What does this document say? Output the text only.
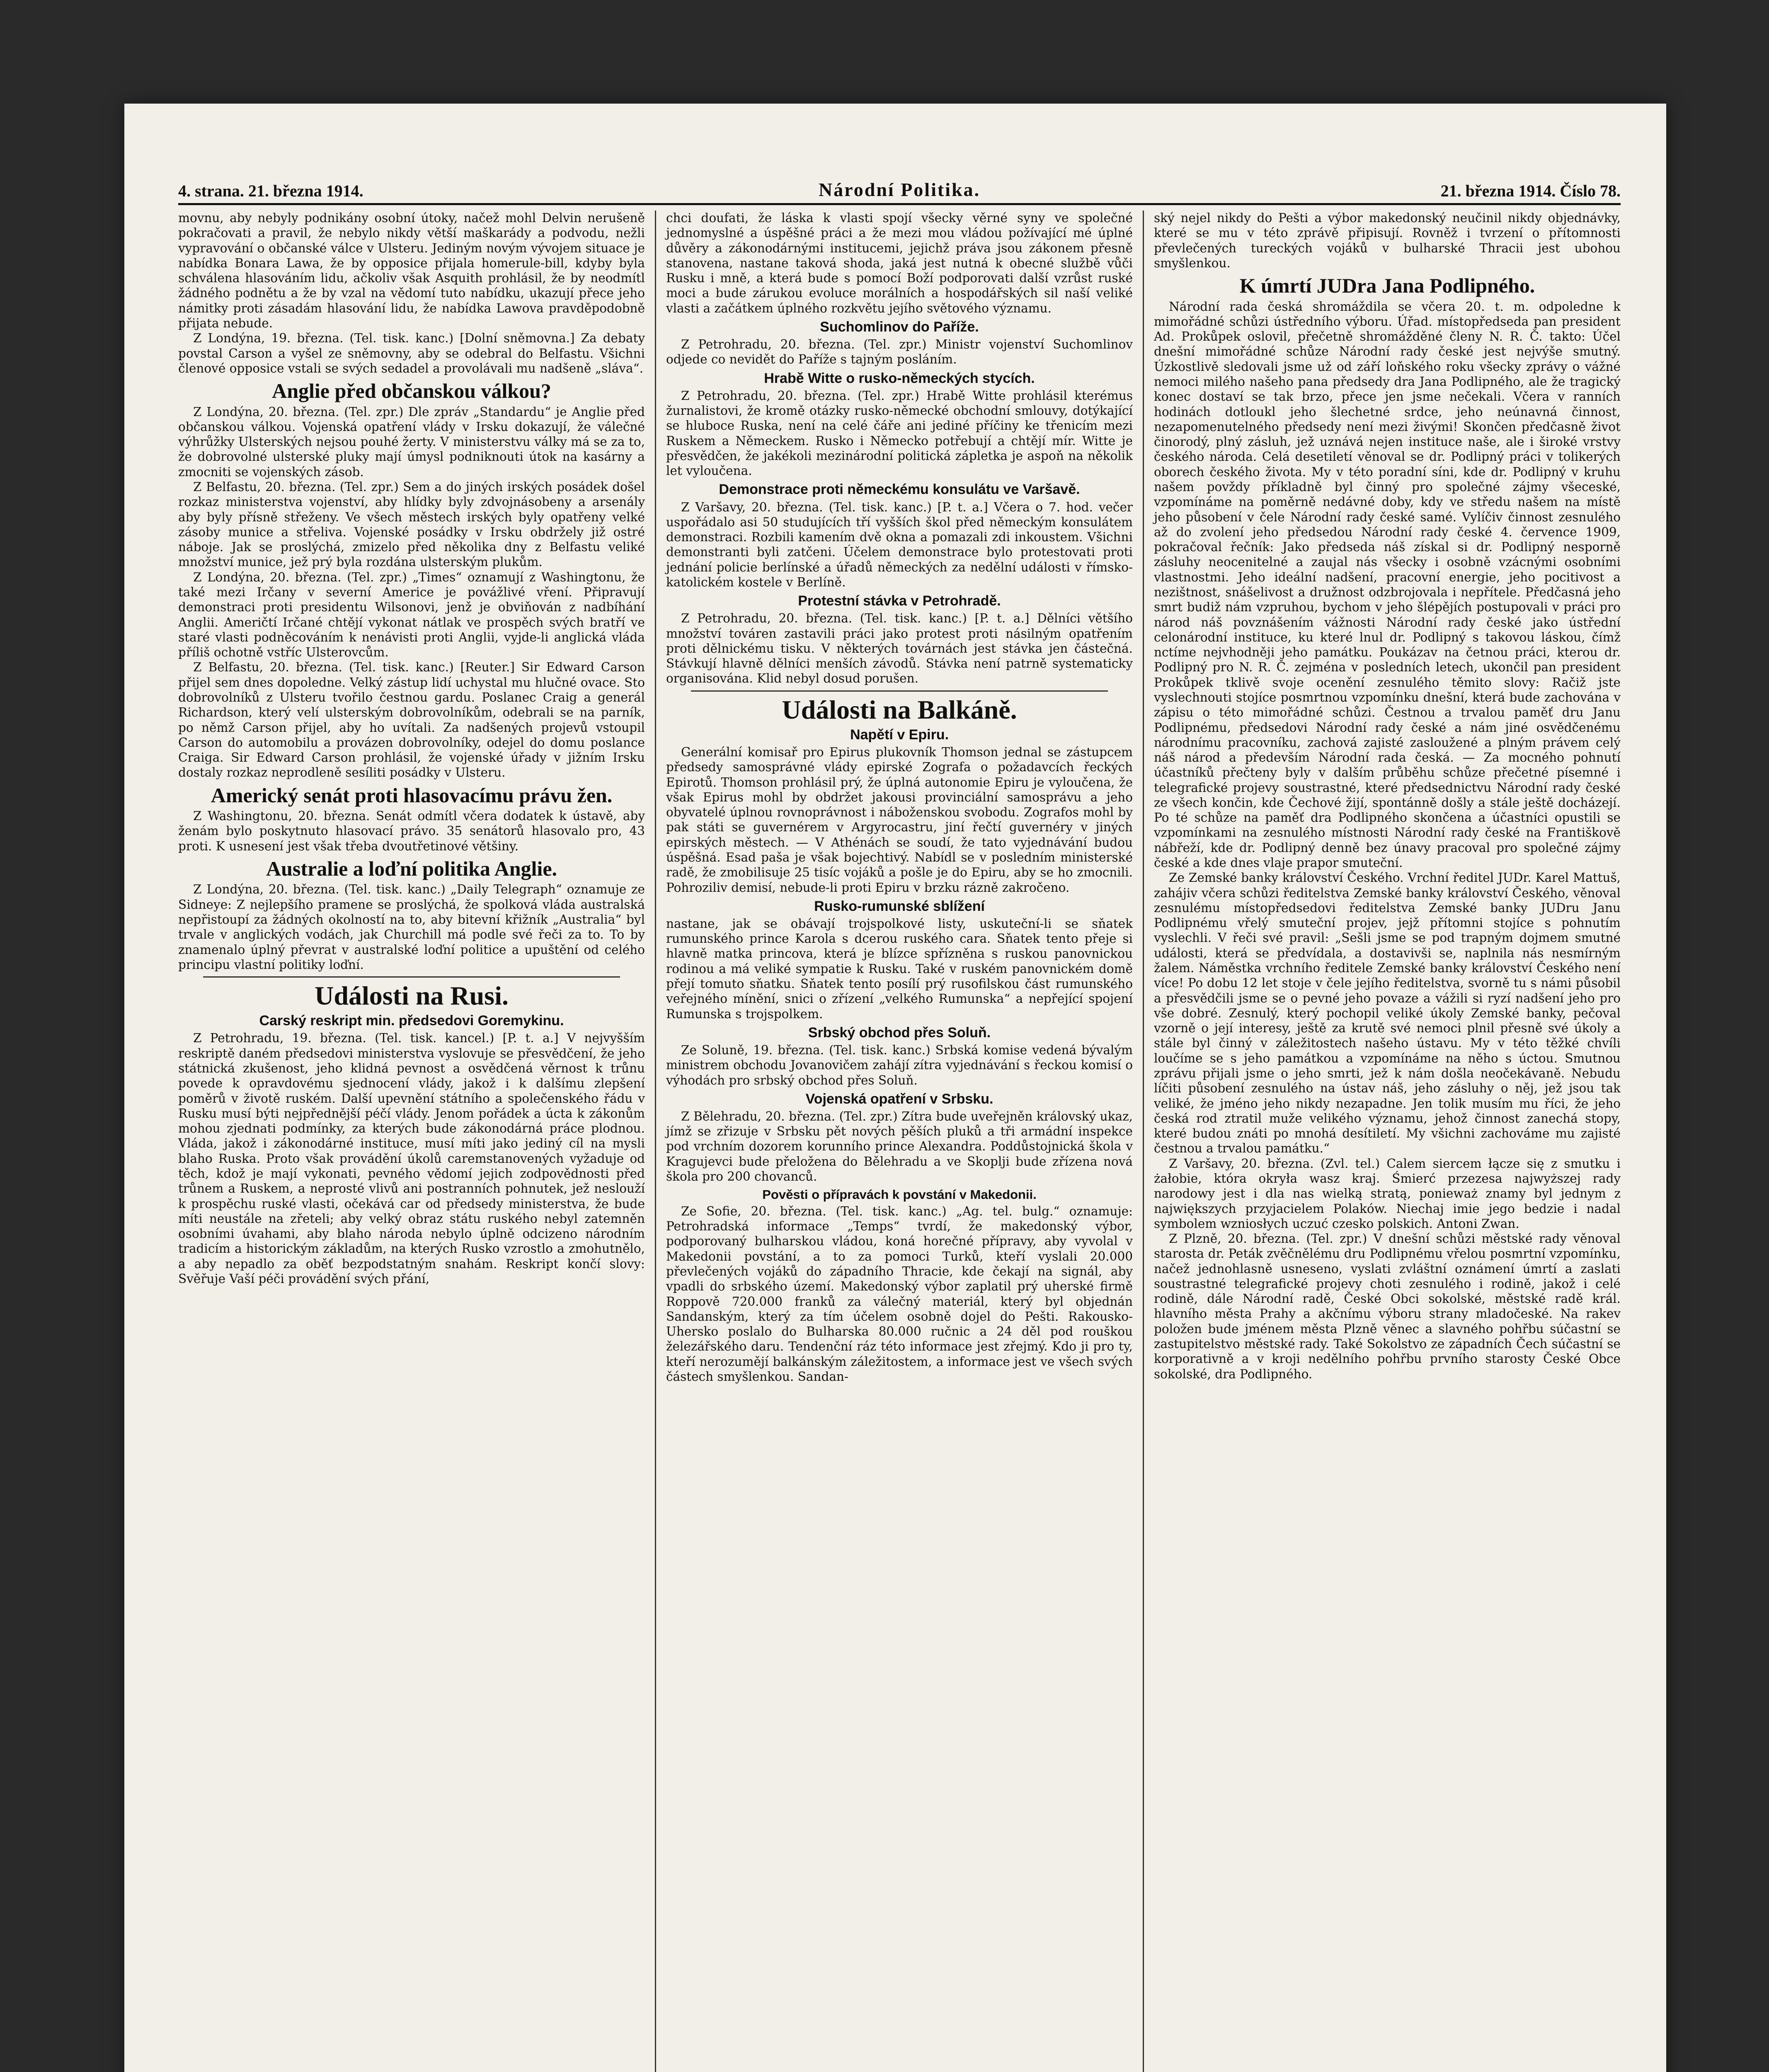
4. strana. 21. března 1914.	Národní Politika.	21. března 1914. Číslo 78.

movnu, aby nebyly podnikány osobní útoky, načež mohl Delvin nerušeně pokračovati a pravil, že nebylo nikdy větší maškarády a podvodu, nežli vypravování o občanské válce v Ulsteru. Jediným novým vývojem situace je nabídka Bonara Lawa, že by opposice přijala homerule-bill, kdyby byla schválena hlasováním lidu, ačkoliv však Asquith prohlásil, že by neodmítl žádného podnětu a že by vzal na vědomí tuto nabídku, ukazují přece jeho námitky proti zásadám hlasování lidu, že nabídka Lawova pravděpodobně přijata nebude.

Z Londýna, 19. března. (Tel. tisk. kanc.) [Dolní sněmovna.] Za debaty povstal Carson a vyšel ze sněmovny, aby se odebral do Belfastu. Všichni členové opposice vstali se svých sedadel a provolávali mu nadšeně „sláva“.

Anglie před občanskou válkou?

Z Londýna, 20. března. (Tel. zpr.) Dle zpráv „Standardu“ je Anglie před občanskou válkou. Vojenská opatření vlády v Irsku dokazují, že válečné výhrůžky Ulsterských nejsou pouhé žerty. V ministerstvu války má se za to, že dobrovolné ulsterské pluky mají úmysl podniknouti útok na kasárny a zmocniti se vojenských zásob.

Z Belfastu, 20. března. (Tel. zpr.) Sem a do jiných irských posádek došel rozkaz ministerstva vojenství, aby hlídky byly zdvojnásobeny a arsenály aby byly přísně střeženy. Ve všech městech irských byly opatřeny velké zásoby munice a střeliva. Vojenské posádky v Irsku obdržely již ostré náboje. Jak se proslýchá, zmizelo před několika dny z Belfastu veliké množství munice, jež prý byla rozdána ulsterským plukům.

Z Londýna, 20. března. (Tel. zpr.) „Times“ oznamují z Washingtonu, že také mezi Irčany v severní Americe je povážlivé vření. Připravují demonstraci proti presidentu Wilsonovi, jenž je obviňován z nadbíhání Anglii. Američtí Irčané chtějí vykonat nátlak ve prospěch svých bratří ve staré vlasti podněcováním k nenávisti proti Anglii, vyjde-li anglická vláda příliš ochotně vstříc Ulsterovcům.

Z Belfastu, 20. března. (Tel. tisk. kanc.) [Reuter.] Sir Edward Carson přijel sem dnes dopoledne. Velký zástup lidí uchystal mu hlučné ovace. Sto dobrovolníků z Ulsteru tvořilo čestnou gardu. Poslanec Craig a generál Richardson, který velí ulsterským dobrovolníkům, odebrali se na parník, po němž Carson přijel, aby ho uvítali. Za nadšených projevů vstoupil Carson do automobilu a provázen dobrovolníky, odejel do domu poslance Craiga. Sir Edward Carson prohlásil, že vojenské úřady v jižním Irsku dostaly rozkaz neprodleně sesíliti posádky v Ulsteru.

Americký senát proti hlasovacímu právu žen.

Z Washingtonu, 20. března. Senát odmítl včera dodatek k ústavě, aby ženám bylo poskytnuto hlasovací právo. 35 senátorů hlasovalo pro, 43 proti. K usnesení jest však třeba dvoutřetinové většiny.

Australie a loďní politika Anglie.

Z Londýna, 20. března. (Tel. tisk. kanc.) „Daily Telegraph“ oznamuje ze Sidneye: Z nejlepšího pramene se proslýchá, že spolková vláda australská nepřistoupí za žádných okolností na to, aby bitevní křižník „Australia“ byl trvale v anglických vodách, jak Churchill má podle své řeči za to. To by znamenalo úplný převrat v australské loďní politice a upuštění od celého principu vlastní politiky loďní.

Události na Rusi.
Carský reskript min. předsedovi Goremykinu.

Z Petrohradu, 19. března. (Tel. tisk. kancel.) [P. t. a.] V nejvyšším reskriptě daném předsedovi ministerstva vyslovuje se přesvědčení, že jeho státnická zkušenost, jeho klidná pevnost a osvědčená věrnost k trůnu povede k opravdovému sjednocení vlády, jakož i k dalšímu zlepšení poměrů v životě ruském. Další upevnění státního a společenského řádu v Rusku musí býti nejpřednější péčí vlády. Jenom pořádek a úcta k zákonům mohou zjednati podmínky, za kterých bude zákonodárná práce plodnou. Vláda, jakož i zákonodárné instituce, musí míti jako jediný cíl na mysli blaho Ruska. Proto však provádění úkolů caremstanovených vyžaduje od těch, kdož je mají vykonati, pevného vědomí jejich zodpovědnosti před trůnem a Ruskem, a neprosté vlivů ani postranních pohnutek, jež neslouží k prospěchu ruské vlasti, očekává car od předsedy ministerstva, že bude míti neustále na zřeteli; aby velký obraz státu ruského nebyl zatemněn osobními úvahami, aby blaho národa nebylo úplně odcizeno národním tradicím a historickým základům, na kterých Rusko vzrostlo a zmohutnělo, a aby nepadlo za oběť bezpodstatným snahám. Reskript končí slovy: Svěřuje Vaší péči provádění svých přání,

chci doufati, že láska k vlasti spojí všecky věrné syny ve společné jednomyslné a úspěšné práci a že mezi mou vládou požívající mé úplné důvěry a zákonodárnými institucemi, jejichž práva jsou zákonem přesně stanovena, nastane taková shoda, jaká jest nutná k obecné službě vůči Rusku i mně, a která bude s pomocí Boží podporovati další vzrůst ruské moci a bude zárukou evoluce morálních a hospodářských sil naší veliké vlasti a začátkem úplného rozkvětu jejího světového významu.

Suchomlinov do Paříže.

Z Petrohradu, 20. března. (Tel. zpr.) Ministr vojenství Suchomlinov odjede co nevidět do Paříže s tajným posláním.

Hrabě Witte o rusko-německých stycích.

Z Petrohradu, 20. března. (Tel. zpr.) Hrabě Witte prohlásil kterémus žurnalistovi, že kromě otázky rusko-německé obchodní smlouvy, dotýkající se hluboce Ruska, není na celé čáře ani jediné příčiny ke třenicím mezi Ruskem a Německem. Rusko i Německo potřebují a chtějí mír. Witte je přesvědčen, že jakékoli mezinárodní politická zápletka je aspoň na několik let vyloučena.

Demonstrace proti německému konsulátu ve Varšavě.

Z Varšavy, 20. března. (Tel. tisk. kanc.) [P. t. a.] Včera o 7. hod. večer uspořádalo asi 50 studujících tří vyšších škol před německým konsulátem demonstraci. Rozbili kamením dvě okna a pomazali zdi inkoustem. Všichni demonstranti byli zatčeni. Účelem demonstrace bylo protestovati proti jednání policie berlínské a úřadů německých za nedělní události v římsko-katolickém kostele v Berlíně.

Protestní stávka v Petrohradě.

Z Petrohradu, 20. března. (Tel. tisk. kanc.) [P. t. a.] Dělníci většího množství továren zastavili práci jako protest proti násilným opatřením proti dělnickému tisku. V některých továrnách jest stávka jen částečná. Stávkují hlavně dělníci menších závodů. Stávka není patrně systematicky organisována. Klid nebyl dosud porušen.

Události na Balkáně.
Napětí v Epiru.

Generální komisař pro Epirus plukovník Thomson jednal se zástupcem předsedy samosprávné vlády epirské Zografa o požadavcích řeckých Epirotů. Thomson prohlásil prý, že úplná autonomie Epiru je vyloučena, že však Epirus mohl by obdržet jakousi provinciální samosprávu a jeho obyvatelé úplnou rovnoprávnost i náboženskou svobodu. Zografos mohl by pak státi se guvernérem v Argyrocastru, jiní řečtí guvernéry v jiných epirských městech. — V Athénách se soudí, že tato vyjednávání budou úspěšná. Esad paša je však bojechtivý. Nabídl se v posledním ministerské radě, že zmobilisuje 25 tisíc vojáků a pošle je do Epiru, aby se ho zmocnili. Pohroziliv demisí, nebude-li proti Epiru v brzku rázně zakročeno.

Rusko-rumunské sblížení

nastane, jak se obávají trojspolkové listy, uskuteční-li se sňatek rumunského prince Karola s dcerou ruského cara. Sňatek tento přeje si hlavně matka princova, která je blízce spřízněna s ruskou panovnickou rodinou a má veliké sympatie k Rusku. Také v ruském panovnickém domě přejí tomuto sňatku. Sňatek tento posílí prý rusofilskou část rumunského veřejného mínění, snici o zřízení „velkého Rumunska“ a nepřející spojení Rumunska s trojspolkem.

Srbský obchod přes Soluň.

Ze Soluně, 19. března. (Tel. tisk. kanc.) Srbská komise vedená bývalým ministrem obchodu Jovanovičem zahájí zítra vyjednávání s řeckou komisí o výhodách pro srbský obchod přes Soluň.

Vojenská opatření v Srbsku.

Z Bělehradu, 20. března. (Tel. zpr.) Zítra bude uveřejněn královský ukaz, jímž se zřizuje v Srbsku pět nových pěších pluků a tři armádní inspekce pod vrchním dozorem korunního prince Alexandra. Poddůstojnická škola v Kragujevci bude přeložena do Bělehradu a ve Skoplji bude zřízena nová škola pro 200 chovanců.

Pověsti o přípravách k povstání v Makedonii.

Ze Sofie, 20. března. (Tel. tisk. kanc.) „Ag. tel. bulg.“ oznamuje: Petrohradská informace „Temps“ tvrdí, že makedonský výbor, podporovaný bulharskou vládou, koná horečné přípravy, aby vyvolal v Makedonii povstání, a to za pomoci Turků, kteří vyslali 20.000 převlečených vojáků do západního Thracie, kde čekají na signál, aby vpadli do srbského území. Makedonský výbor zaplatil prý uherské firmě Roppově 720.000 franků za válečný materiál, který byl objednán Sandanským, který za tím účelem osobně dojel do Pešti. Rakousko-Uhersko poslalo do Bulharska 80.000 ručnic a 24 děl pod rouškou železářského daru. Tendenční ráz této informace jest zřejmý. Kdo ji pro ty, kteří nerozumějí balkánským záležitostem, a informace jest ve všech svých částech smyšlenkou. Sandan-

ský nejel nikdy do Pešti a výbor makedonský neučinil nikdy objednávky, které se mu v této zprávě připisují. Rovněž i tvrzení o přítomnosti převlečených tureckých vojáků v bulharské Thracii jest ubohou smyšlenkou.

K úmrtí JUDra Jana Podlipného.

Národní rada česká shromáždila se včera 20. t. m. odpoledne k mimořádné schůzi ústředního výboru. Úřad. místopředseda pan president Ad. Prokůpek oslovil, přečetně shromážděné členy N. R. Č. takto: Účel dnešní mimořádné schůze Národní rady české jest nejvýše smutný. Úzkostlivě sledovali jsme už od září loňského roku všecky zprávy o vážné nemoci milého našeho pana předsedy dra Jana Podlipného, ale že tragický konec dostaví se tak brzo, přece jen jsme nečekali. Včera v ranních hodinách dotloukl jeho šlechetné srdce, jeho neúnavná činnost, nezapomenutelného předsedy není mezi živými! Skončen předčasně život činorodý, plný zásluh, jež uznává nejen instituce naše, ale i široké vrstvy českého národa. Celá desetiletí věnoval se dr. Podlipný práci v tolikerých oborech českého života. My v této poradní síni, kde dr. Podlipný v kruhu našem povždy příkladně byl činný pro společné zájmy všeceské, vzpomínáme na poměrně nedávné doby, kdy ve středu našem na místě jeho působení v čele Národní rady české samé. Vylíčiv činnost zesnulého až do zvolení jeho předsedou Národní rady české 4. července 1909, pokračoval řečník: Jako předseda náš získal si dr. Podlipný nesporně zásluhy neocenitelné a zaujal nás všecky i osobně vzácnými osobními vlastnostmi. Jeho ideální nadšení, pracovní energie, jeho pocitivost a nezištnost, snášelivost a družnost odzbrojovala i nepřítele. Předčasná jeho smrt budiž nám vzpruhou, bychom v jeho šlépějích postupovali v práci pro národ náš povznášením vážnosti Národní rady české jako ústřední celonárodní instituce, ku které lnul dr. Podlipný s takovou láskou, čímž nctíme nejvhodněji jeho památku. Poukázav na četnou práci, kterou dr. Podlipný pro N. R. Č. zejména v posledních letech, ukončil pan president Prokůpek tklivě svoje ocenění zesnulého těmito slovy: Račiž jste vyslechnouti stojíce posmrtnou vzpomínku dnešní, která bude zachována v zápisu o této mimořádné schůzi. Čestnou a trvalou paměť dru Janu Podlipnému, předsedovi Národní rady české a nám jiné osvědčenému národnímu pracovníku, zachová zajisté zasloužené a plným právem celý náš národ a především Národní rada česká. — Za mocného pohnutí účastníků přečteny byly v dalším průběhu schůze přečetné písemné i telegrafické projevy soustrastné, které předsednictvu Národní rady české ze všech končin, kde Čechové žijí, spontánně došly a stále ještě docházejí. Po té schůze na paměť dra Podlipného skončena a účastníci opustili se vzpomínkami na zesnulého místnosti Národní rady české na Františkově nábřeží, kde dr. Podlipný denně bez únavy pracoval pro společné zájmy české a kde dnes vlaje prapor smuteční.

Ze Zemské banky království Českého. Vrchní ředitel JUDr. Karel Mattuš, zahájiv včera schůzi ředitelstva Zemské banky království Českého, věnoval zesnulému místopředsedovi ředitelstva Zemské banky JUDru Janu Podlipnému vřelý smuteční projev, jejž přítomni stojíce s pohnutím vyslechli. V řeči své pravil: „Sešli jsme se pod trapným dojmem smutné události, která se předvídala, a dostavivši se, naplnila nás nesmírným žalem. Náměstka vrchního ředitele Zemské banky království Českého není více! Po dobu 12 let stoje v čele jejího ředitelstva, svorně tu s námi působil a přesvědčili jsme se o pevné jeho povaze a vážili si ryzí nadšení jeho pro vše dobré. Zesnulý, který pochopil veliké úkoly Zemské banky, pečoval vzorně o její interesy, ještě za krutě své nemoci plnil přesně své úkoly a stále byl činný v záležitostech našeho ústavu. My v této těžké chvíli loučíme se s jeho památkou a vzpomínáme na něho s úctou. Smutnou zprávu přijali jsme o jeho smrti, jež k nám došla neočekávaně. Nebudu líčiti působení zesnulého na ústav náš, jeho zásluhy o něj, jež jsou tak veliké, že jméno jeho nikdy nezapadne. Jen tolik musím mu říci, že jeho česká rod ztratil muže velikého významu, jehož činnost zanechá stopy, které budou znáti po mnohá desítiletí. My všichni zachováme mu zajisté čestnou a trvalou památku.“

Z Varšavy, 20. března. (Zvl. tel.) Calem siercem łącze się z smutku i żałobie, która okryła wasz kraj. Śmierć przezesa najwyższej rady narodowy jest i dla nas wielką stratą, ponieważ znamy byl jednym z największych przyjacielem Polaków. Niechaj imie jego bedzie i nadal symbolem wzniosłych uczuć czesko polskich. Antoni Zwan.

Z Plzně, 20. března. (Tel. zpr.) V dnešní schůzi městské rady věnoval starosta dr. Peták zvěčnělému dru Podlipnému vřelou posmrtní vzpomínku, načež jednohlasně usneseno, vyslati zvláštní oznámení úmrtí a zaslati soustrastné telegrafické projevy choti zesnulého i rodině, jakož i celé rodině, dále Národní radě, České Obci sokolské, městské radě král. hlavního města Prahy a akčnímu výboru strany mladočeské. Na rakev položen bude jménem města Plzně věnec a slavného pohřbu súčastní se zastupitelstvo městské rady. Také Sokolstvo ze západních Čech súčastní se korporativně a v kroji nedělního pohřbu prvního starosty České Obce sokolské, dra Podlipného.
